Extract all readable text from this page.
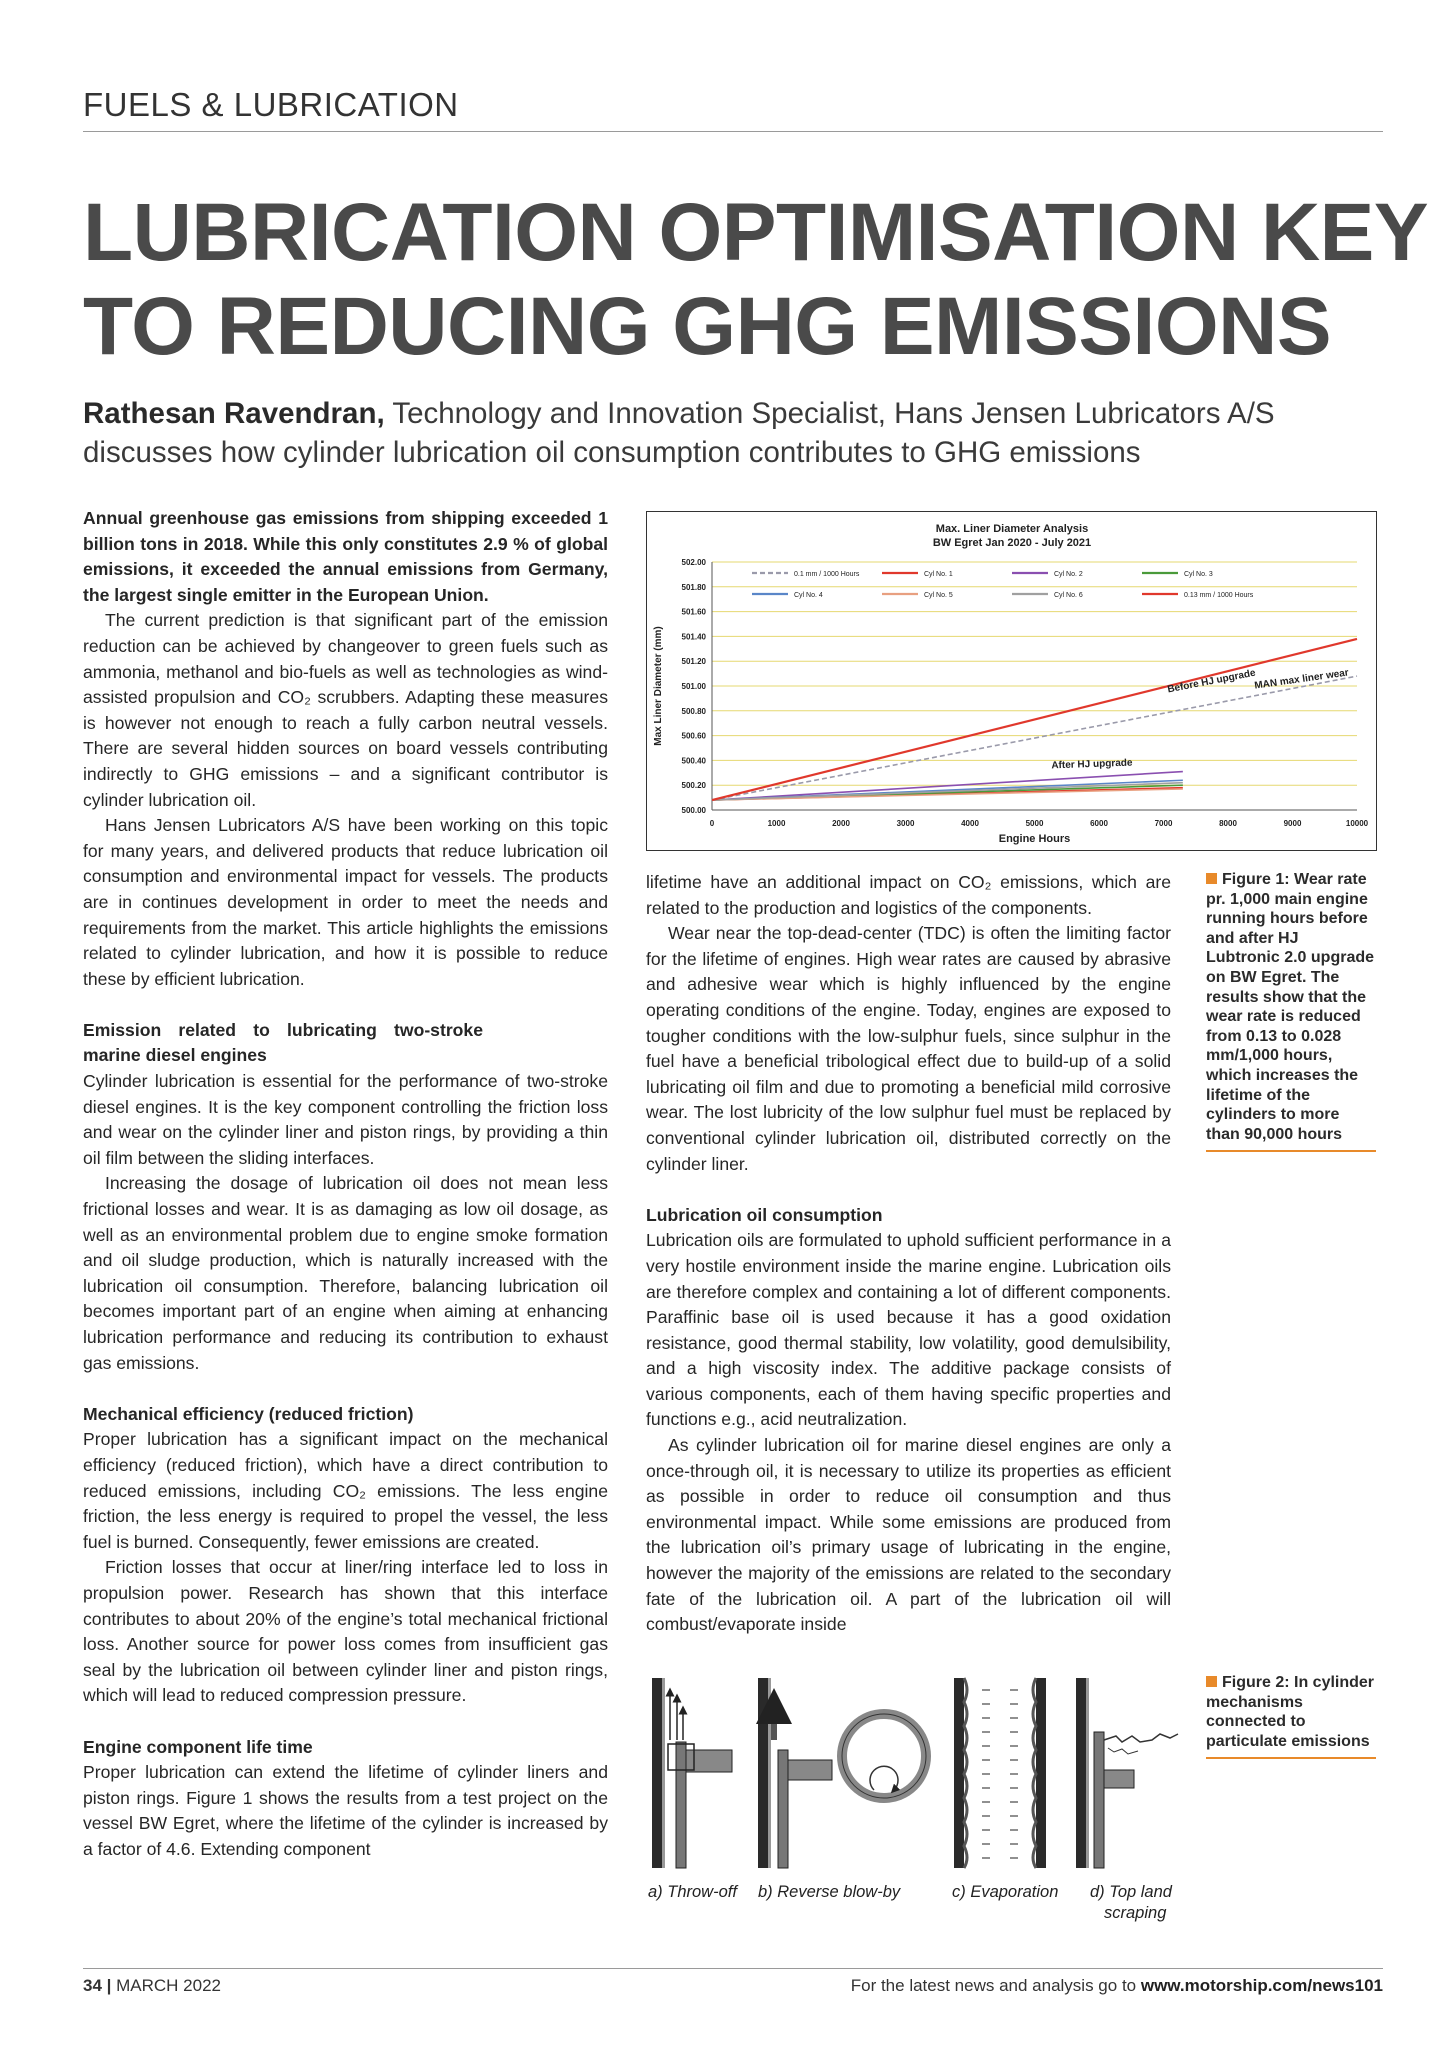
FUELS & LUBRICATION
LUBRICATION OPTIMISATION KEY
TO REDUCING GHG EMISSIONS
Rathesan Ravendran, Technology and Innovation Specialist, Hans Jensen Lubricators A/S discusses how cylinder lubrication oil consumption contributes to GHG emissions

Annual greenhouse gas emissions from shipping exceeded 1 billion tons in 2018. While this only constitutes 2.9 % of global emissions, it exceeded the annual emissions from Germany, the largest single emitter in the European Union.

The current prediction is that significant part of the emission reduction can be achieved by changeover to green fuels such as ammonia, methanol and bio-fuels as well as technologies as wind-assisted propulsion and CO₂ scrubbers. Adapting these measures is however not enough to reach a fully carbon neutral vessels. There are several hidden sources on board vessels contributing indirectly to GHG emissions – and a significant contributor is cylinder lubrication oil.

Hans Jensen Lubricators A/S have been working on this topic for many years, and delivered products that reduce lubrication oil consumption and environmental impact for vessels. The products are in continues development in order to meet the needs and requirements from the market. This article highlights the emissions related to cylinder lubrication, and how it is possible to reduce these by efficient lubrication.

Emission related to lubricating two-stroke marine diesel engines

Cylinder lubrication is essential for the performance of two-stroke diesel engines. It is the key component controlling the friction loss and wear on the cylinder liner and piston rings, by providing a thin oil film between the sliding interfaces.

Increasing the dosage of lubrication oil does not mean less frictional losses and wear. It is as damaging as low oil dosage, as well as an environmental problem due to engine smoke formation and oil sludge production, which is naturally increased with the lubrication oil consumption. Therefore, balancing lubrication oil becomes important part of an engine when aiming at enhancing lubrication performance and reducing its contribution to exhaust gas emissions.

Mechanical efficiency (reduced friction)

Proper lubrication has a significant impact on the mechanical efficiency (reduced friction), which have a direct contribution to reduced emissions, including CO₂ emissions. The less engine friction, the less energy is required to propel the vessel, the less fuel is burned. Consequently, fewer emissions are created.

Friction losses that occur at liner/ring interface led to loss in propulsion power. Research has shown that this interface contributes to about 20% of the engine’s total mechanical frictional loss. Another source for power loss comes from insufficient gas seal by the lubrication oil between cylinder liner and piston rings, which will lead to reduced compression pressure.

Engine component life time

Proper lubrication can extend the lifetime of cylinder liners and piston rings. Figure 1 shows the results from a test project on the vessel BW Egret, where the lifetime of the cylinder is increased by a factor of 4.6. Extending component

Max. Liner Diameter Analysis
BW Egret Jan 2020 - July 2021
500.00
500.20
500.40
500.60
500.80
501.00
501.20
501.40
501.60
501.80
502.00
0	1000	2000	3000	4000	5000	6000	7000	8000	9000	10000
Engine Hours
Max Liner Diameter (mm)
0.1 mm / 1000 Hours	Cyl No. 1	Cyl No. 2	Cyl No. 3
Cyl No. 4	Cyl No. 5	Cyl No. 6	0.13 mm / 1000 Hours
Before HJ upgrade
MAN max liner wear
After HJ upgrade
Figure 1: Wear rate pr. 1,000 main engine running hours before and after HJ Lubtronic 2.0 upgrade on BW Egret. The results show that the wear rate is reduced from 0.13 to 0.028 mm/1,000 hours, which increases the lifetime of the cylinders to more than 90,000 hours

lifetime have an additional impact on CO₂ emissions, which are related to the production and logistics of the components.

Wear near the top-dead-center (TDC) is often the limiting factor for the lifetime of engines. High wear rates are caused by abrasive and adhesive wear which is highly influenced by the engine operating conditions of the engine. Today, engines are exposed to tougher conditions with the low-sulphur fuels, since sulphur in the fuel have a beneficial tribological effect due to build-up of a solid lubricating oil film and due to promoting a beneficial mild corrosive wear. The lost lubricity of the low sulphur fuel must be replaced by conventional cylinder lubrication oil, distributed correctly on the cylinder liner.

Lubrication oil consumption

Lubrication oils are formulated to uphold sufficient performance in a very hostile environment inside the marine engine. Lubrication oils are therefore complex and containing a lot of different components. Paraffinic base oil is used because it has a good oxidation resistance, good thermal stability, low volatility, good demulsibility, and a high viscosity index. The additive package consists of various components, each of them having specific properties and functions e.g., acid neutralization.

As cylinder lubrication oil for marine diesel engines are only a once-through oil, it is necessary to utilize its properties as efficient as possible in order to reduce oil consumption and thus environmental impact. While some emissions are produced from the lubrication oil’s primary usage of lubricating in the engine, however the majority of the emissions are related to the secondary fate of the lubrication oil. A part of the lubrication oil will combust/evaporate inside

a) Throw-off b) Reverse blow-by	c) Evaporation d) Top land
scraping
Figure 2: In cylinder mechanisms connected to particulate emissions
34 | MARCH 2022	For the latest news and analysis go to www.motorship.com/news101
